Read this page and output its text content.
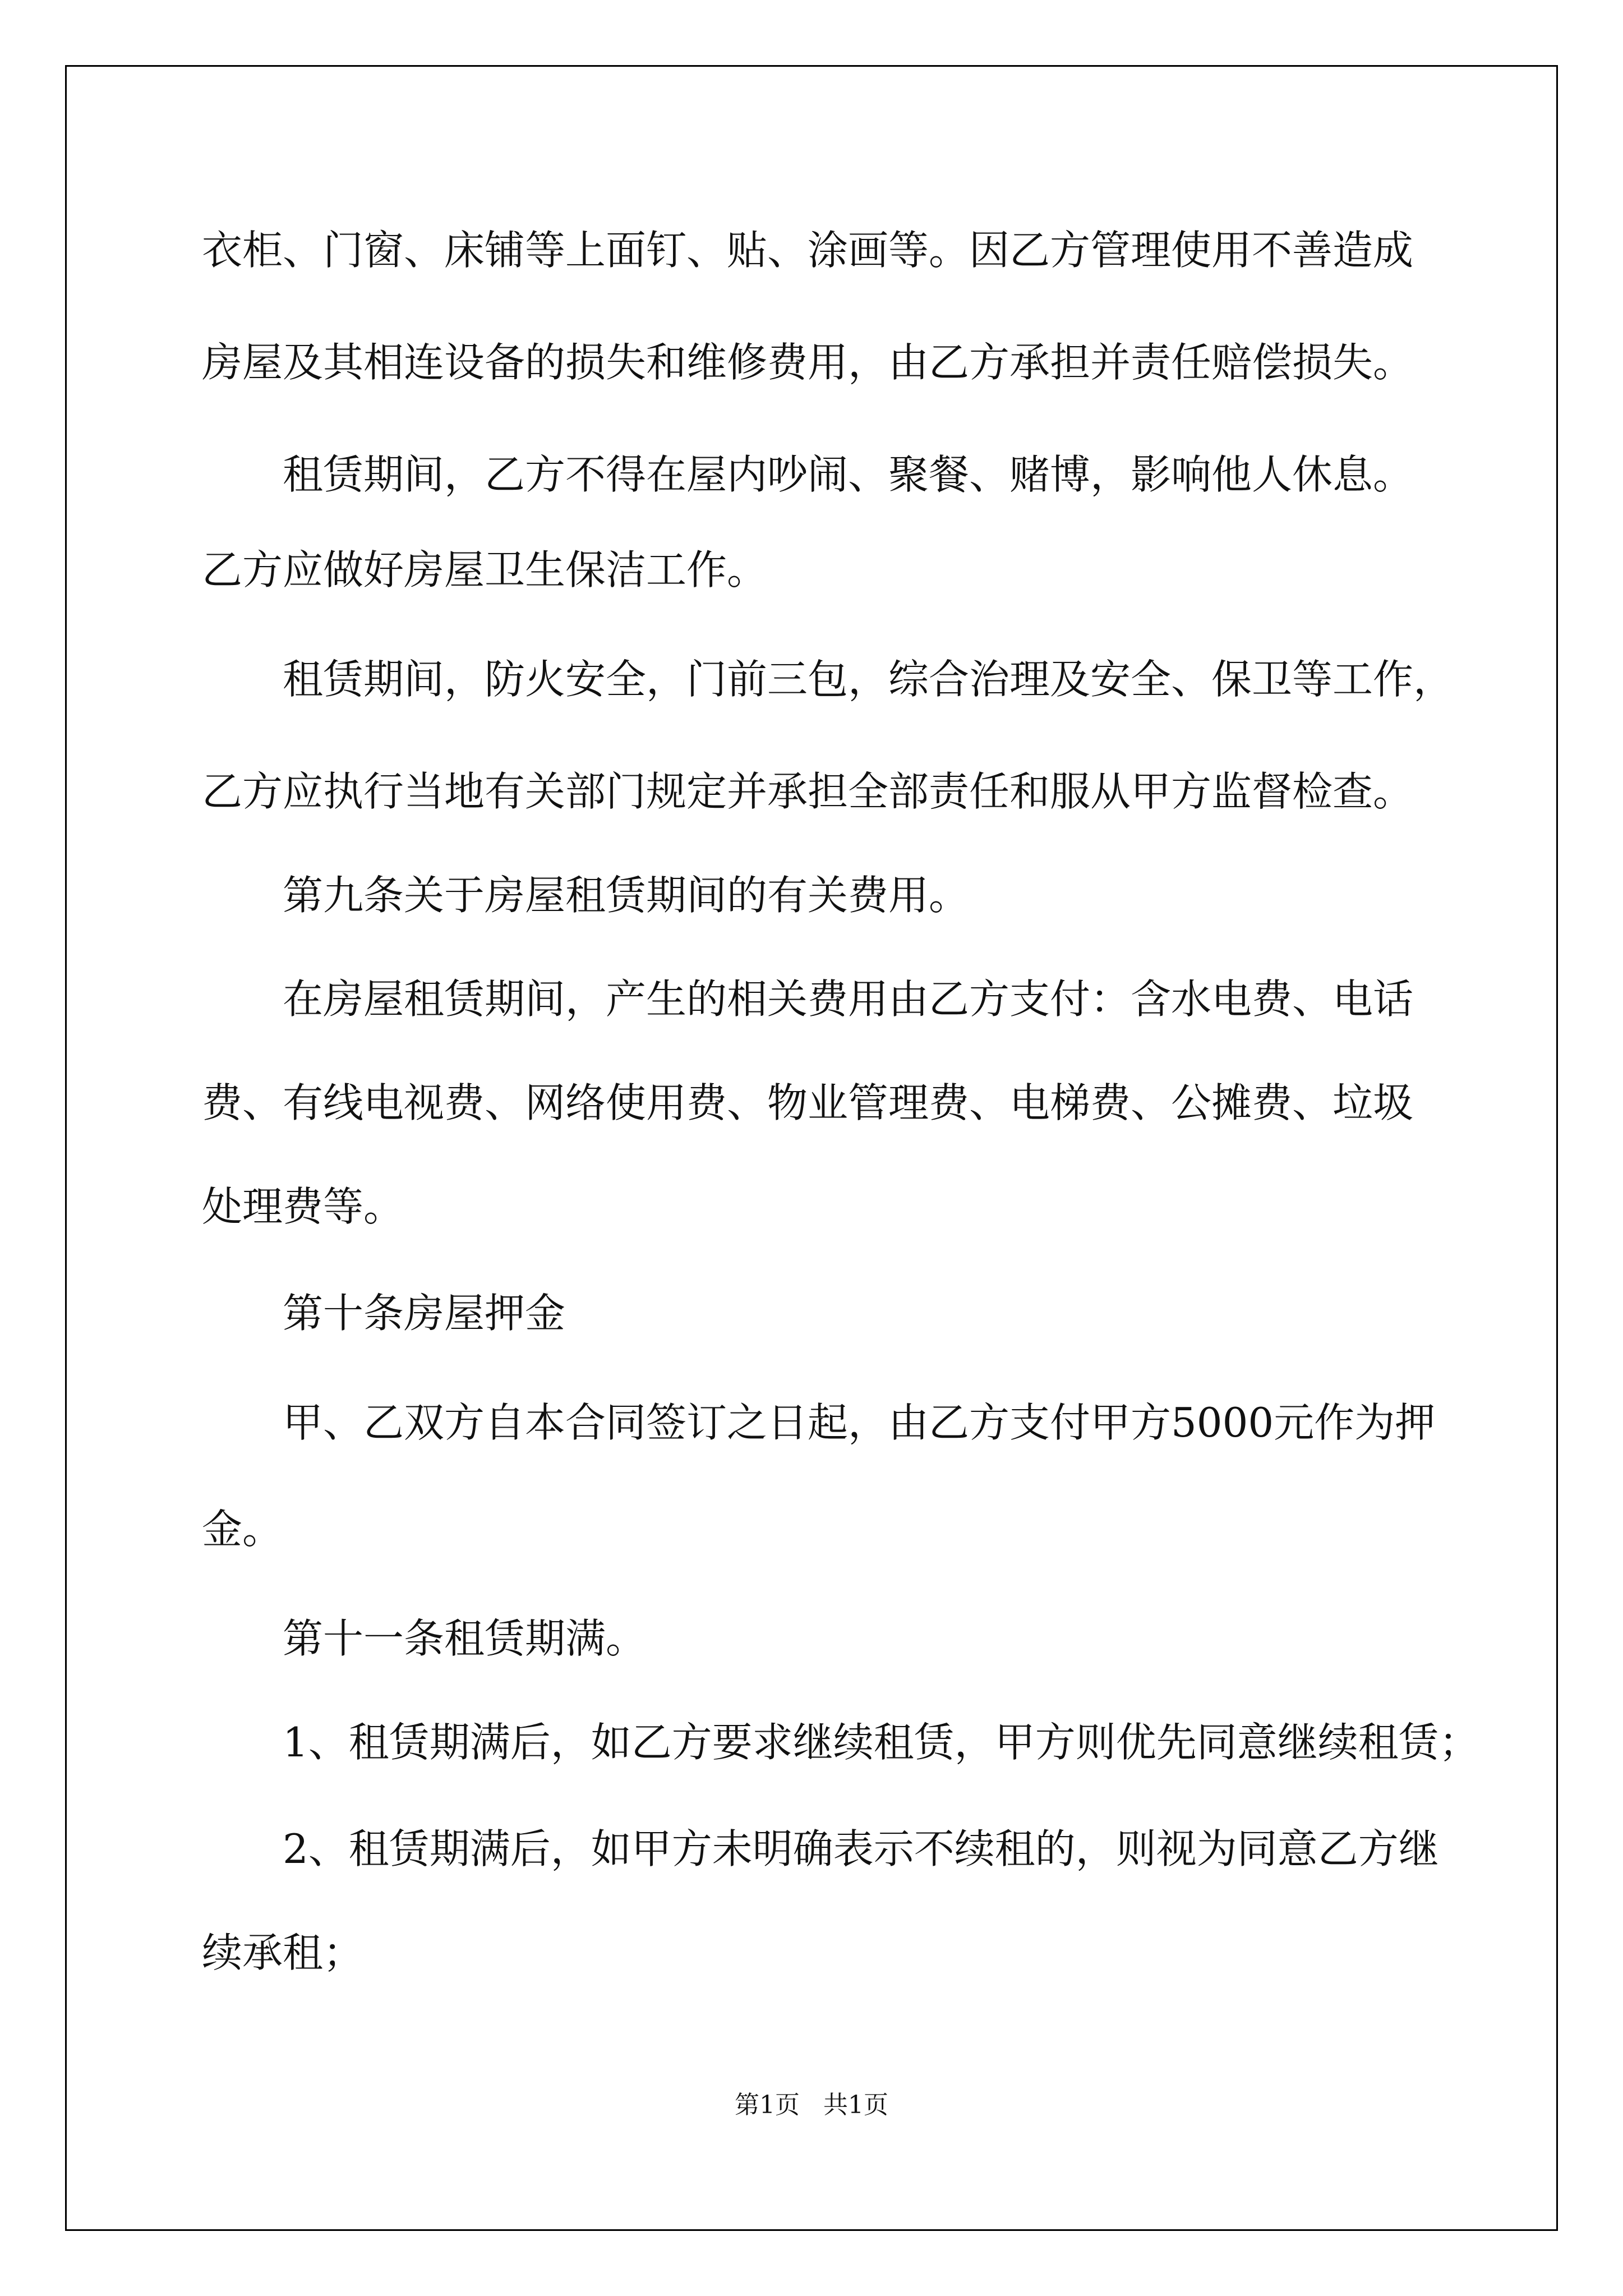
衣柜、门窗、床铺等上面钉、贴、涂画等。因乙方管理使用不善造成

房屋及其相连设备的损失和维修费用，由乙方承担并责任赔偿损失。

租赁期间，乙方不得在屋内吵闹、聚餐、赌博，影响他人休息。

乙方应做好房屋卫生保洁工作。

租赁期间，防火安全，门前三包，综合治理及安全、保卫等工作，

乙方应执行当地有关部门规定并承担全部责任和服从甲方监督检查。

第九条关于房屋租赁期间的有关费用。

在房屋租赁期间，产生的相关费用由乙方支付：含水电费、电话

费、有线电视费、网络使用费、物业管理费、电梯费、公摊费、垃圾

处理费等。

第十条房屋押金

甲、乙双方自本合同签订之日起，由乙方支付甲方5000元作为押

金。

第十一条租赁期满。

1、租赁期满后，如乙方要求继续租赁，甲方则优先同意继续租赁；

2、租赁期满后，如甲方未明确表示不续租的，则视为同意乙方继

续承租；

第1页   共1页
